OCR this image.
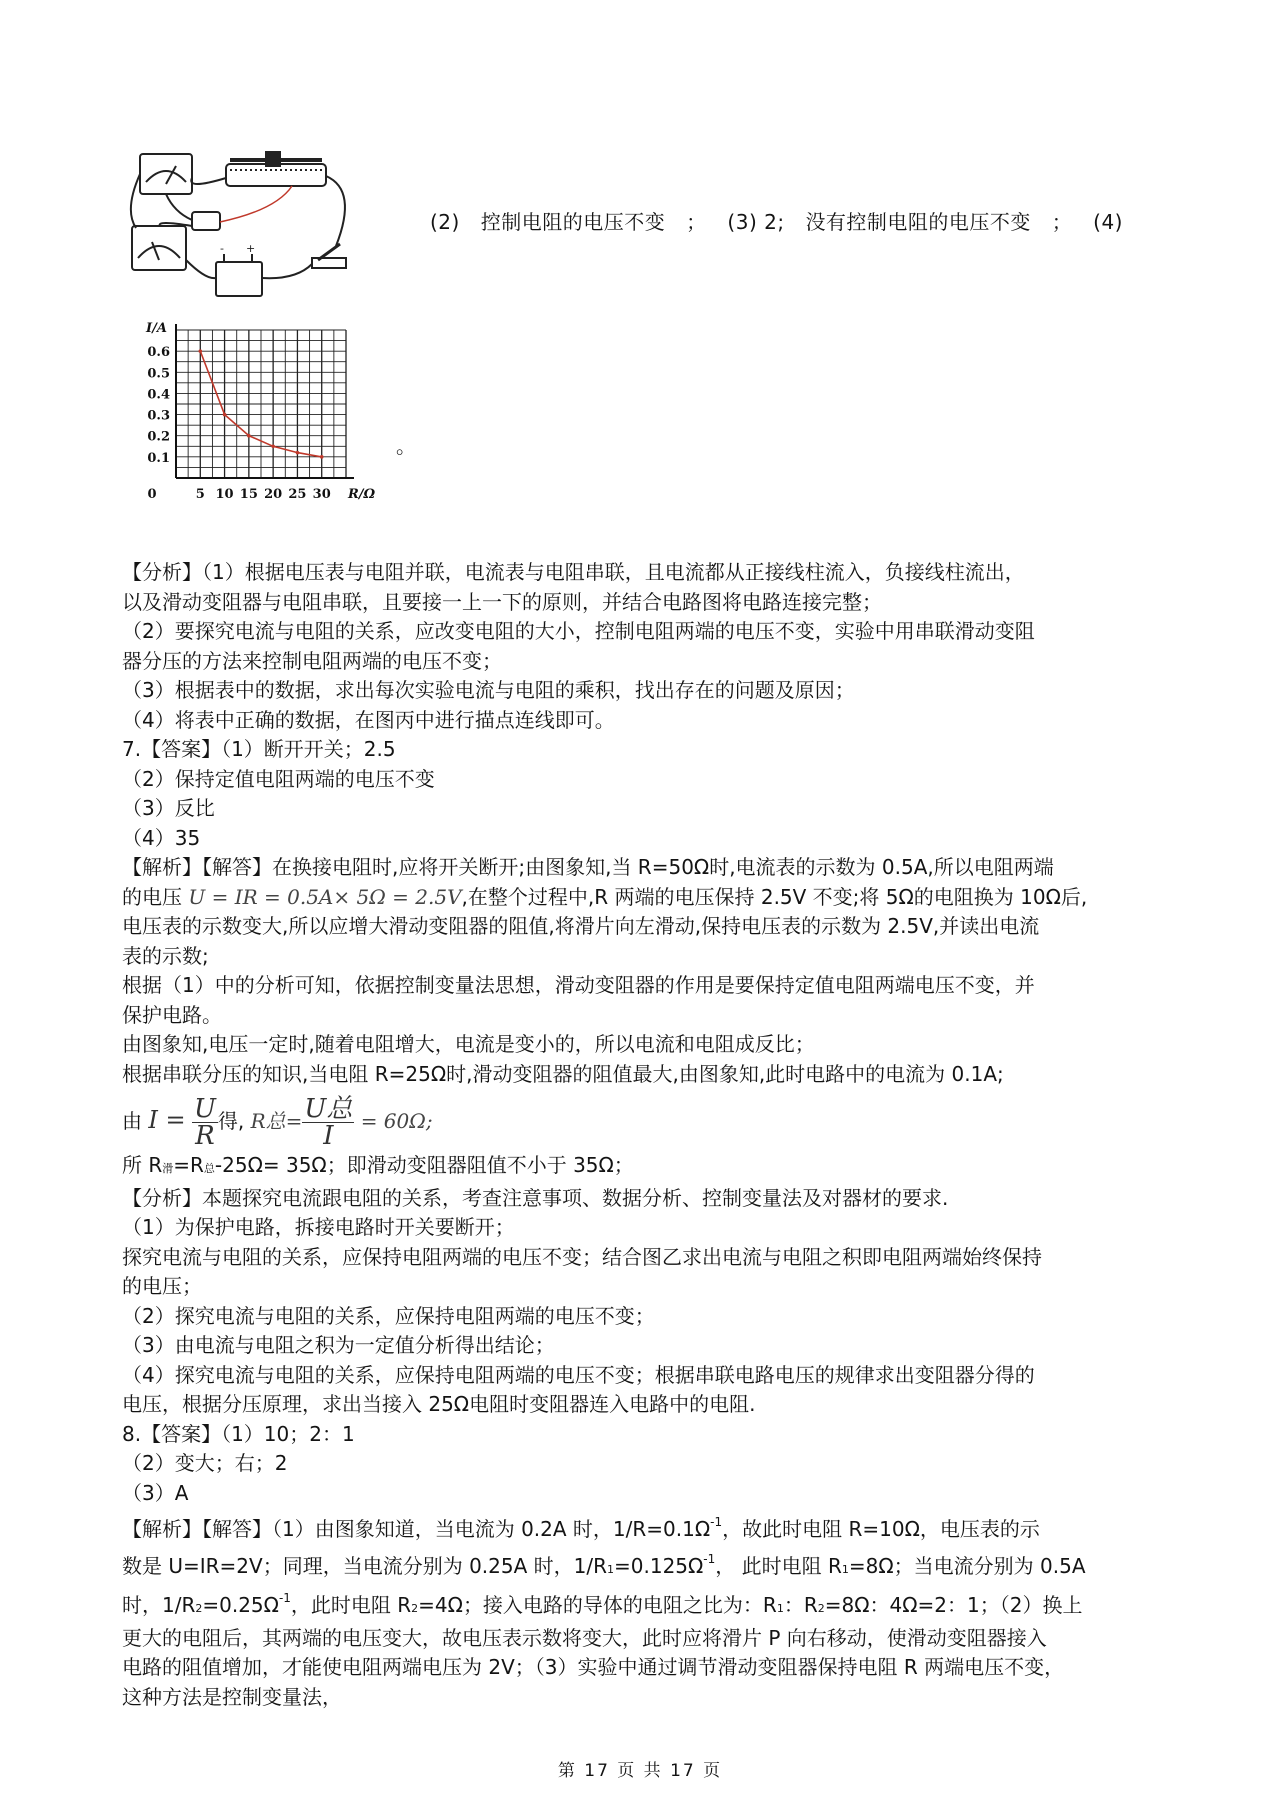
- +
(2) 控制电阻的电压不变 ； (3) 2; 没有控制电阻的电压不变 ； (4)
0.1
0.2
0.3
0.4
0.5
0.6
5 10 15 20 25 30
0
I/A
R/Ω
。

【分析】（1）根据电压表与电阻并联，电流表与电阻串联，且电流都从正接线柱流入，负接线柱流出，

以及滑动变阻器与电阻串联，且要接一上一下的原则，并结合电路图将电路连接完整；

（2）要探究电流与电阻的关系，应改变电阻的大小，控制电阻两端的电压不变，实验中用串联滑动变阻

器分压的方法来控制电阻两端的电压不变；

（3）根据表中的数据，求出每次实验电流与电阻的乘积，找出存在的问题及原因；

（4）将表中正确的数据，在图丙中进行描点连线即可。

7.【答案】（1）断开开关；2.5

（2）保持定值电阻两端的电压不变

（3）反比

（4）35

【解析】【解答】在换接电阻时,应将开关断开;由图象知,当 R=50Ω时,电流表的示数为 0.5A,所以电阻两端

的电压 U = IR = 0.5A× 5Ω = 2.5V,在整个过程中,R 两端的电压保持 2.5V 不变;将 5Ω的电阻换为 10Ω后,

电压表的示数变大,所以应增大滑动变阻器的阻值,将滑片向左滑动,保持电压表的示数为 2.5V,并读出电流

表的示数;

根据（1）中的分析可知，依据控制变量法思想，滑动变阻器的作用是要保持定值电阻两端电压不变，并

保护电路。

由图象知,电压一定时,随着电阻增大，电流是变小的，所以电流和电阻成反比；

根据串联分压的知识,当电阻 R=25Ω时,滑动变阻器的阻值最大,由图象知,此时电路中的电流为 0.1A;

由 $I = \frac{U}{R}$ 得, R总= $\frac{\text{U总}}{I} = 60\Omega$;

所 R滑=R总-25Ω= 35Ω；即滑动变阻器阻值不小于 35Ω；

【分析】本题探究电流跟电阻的关系，考查注意事项、数据分析、控制变量法及对器材的要求.

（1）为保护电路，拆接电路时开关要断开；

探究电流与电阻的关系，应保持电阻两端的电压不变；结合图乙求出电流与电阻之积即电阻两端始终保持

的电压；

（2）探究电流与电阻的关系，应保持电阻两端的电压不变；

（3）由电流与电阻之积为一定值分析得出结论；

（4）探究电流与电阻的关系，应保持电阻两端的电压不变；根据串联电路电压的规律求出变阻器分得的

电压，根据分压原理，求出当接入 25Ω电阻时变阻器连入电路中的电阻.

8.【答案】（1）10；2：1

（2）变大；右；2

（3）A

【解析】【解答】（1）由图象知道，当电流为 0.2A 时，$1/R=0.1\Omega^{-1}$，故此时电阻 R=10Ω，电压表的示

数是 U=IR=2V；同理，当电流分别为 0.25A 时，$1/R1=0.125\Omega^{-1}$， 此时电阻 R1=8Ω；当电流分别为 0.5A

时，$1/R2=0.25\Omega^{-1}$，此时电阻 R2=4Ω；接入电路的导体的电阻之比为：R1：R2=8Ω：4Ω=2：1；（2）换上

更大的电阻后，其两端的电压变大，故电压表示数将变大，此时应将滑片 P 向右移动，使滑动变阻器接入

电路的阻值增加，才能使电阻两端电压为 2V；（3）实验中通过调节滑动变阻器保持电阻 R 两端电压不变，

这种方法是控制变量法，

第 17 页 共 17 页
